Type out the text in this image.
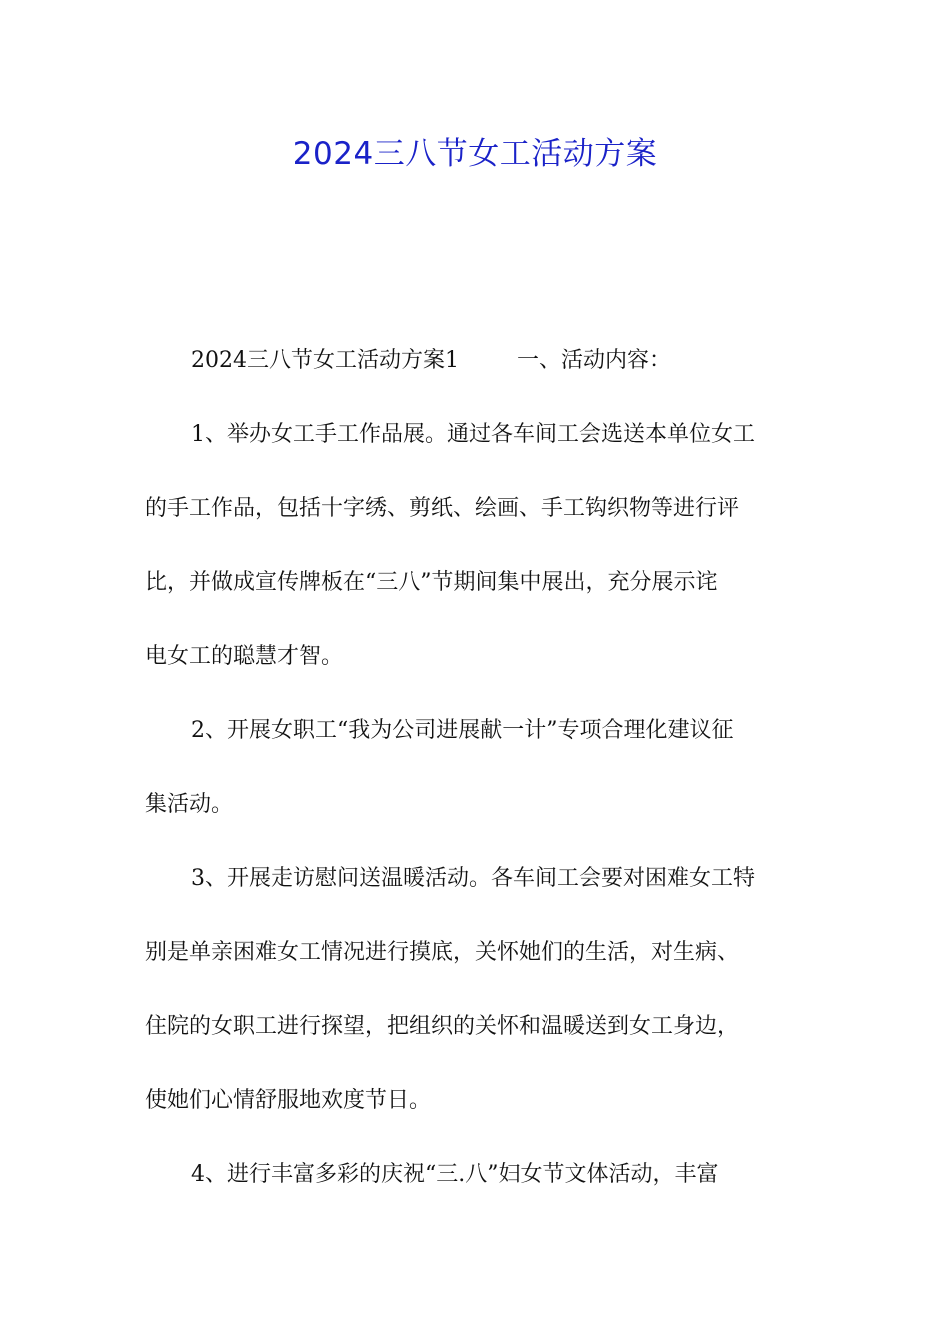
2024三八节女工活动方案
2024三八节女工活动方案1	一、活动内容：
1、举办女工手工作品展。通过各车间工会选送本单位女工
的手工作品，包括十字绣、剪纸、绘画、手工钩织物等进行评
比，并做成宣传牌板在“三八”节期间集中展出，充分展示诧
电女工的聪慧才智。
2、开展女职工“我为公司进展献一计”专项合理化建议征
集活动。
3、开展走访慰问送温暖活动。各车间工会要对困难女工特
别是单亲困难女工情况进行摸底，关怀她们的生活，对生病、
住院的女职工进行探望，把组织的关怀和温暖送到女工身边，
使她们心情舒服地欢度节日。
4、进行丰富多彩的庆祝“三.八”妇女节文体活动，丰富
